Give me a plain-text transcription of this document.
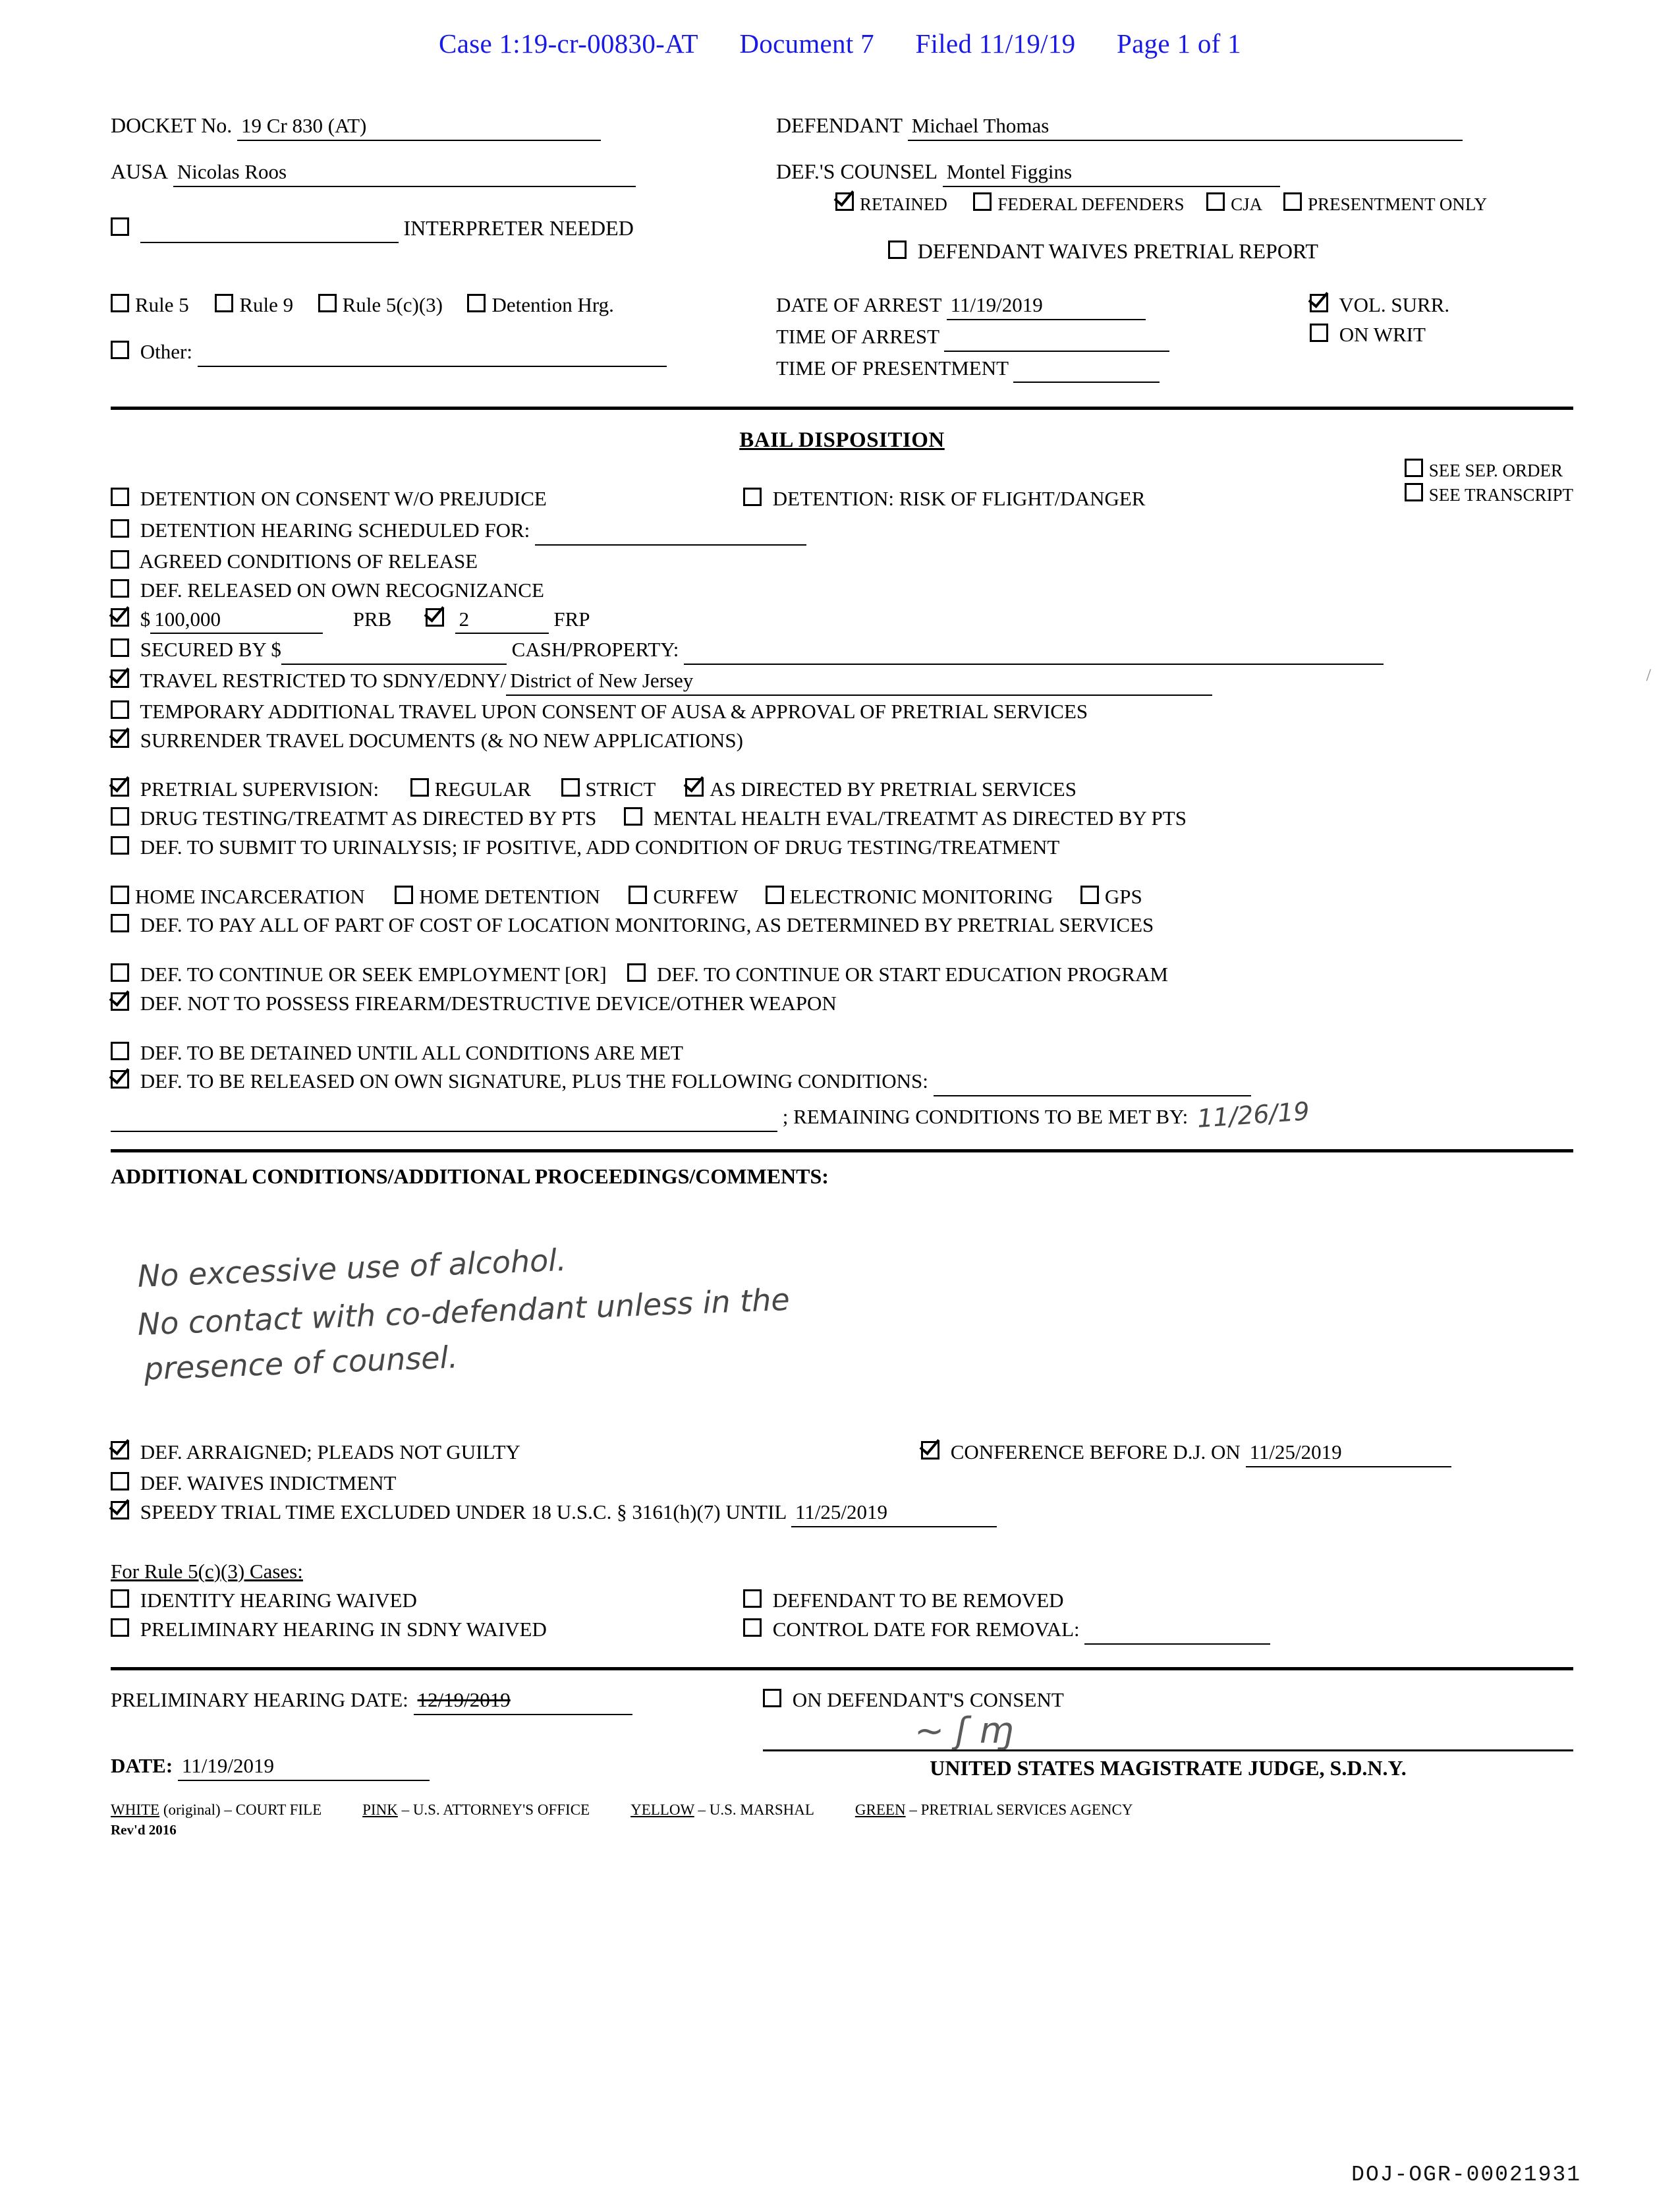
Case 1:19-cr-00830-AT Document 7 Filed 11/19/19 Page 1 of 1
/
DOCKET No. 19 Cr 830 (AT)	DEFENDANT Michael Thomas
AUSA Nicolas Roos
INTERPRETER NEEDED
DEF.'S COUNSEL Montel Figgins
RETAINED	FEDERAL DEFENDERS	CJA	PRESENTMENT ONLY
DEFENDANT WAIVES PRETRIAL REPORT
Rule 5 Rule 9 Rule 5(c)(3) Detention Hrg.
Other:
DATE OF ARREST 11/19/2019
TIME OF ARREST
TIME OF PRESENTMENT
VOL. SURR.
ON WRIT
BAIL DISPOSITION
SEE SEP. ORDER
SEE TRANSCRIPT
DETENTION ON CONSENT W/O PREJUDICE	DETENTION: RISK OF FLIGHT/DANGER
DETENTION HEARING SCHEDULED FOR:
AGREED CONDITIONS OF RELEASE
DEF. RELEASED ON OWN RECOGNIZANCE
$ 100,000	PRB	2	FRP
SECURED BY $	CASH/PROPERTY:
TRAVEL RESTRICTED TO SDNY/EDNY/ District of New Jersey
TEMPORARY ADDITIONAL TRAVEL UPON CONSENT OF AUSA & APPROVAL OF PRETRIAL SERVICES
SURRENDER TRAVEL DOCUMENTS (& NO NEW APPLICATIONS)
PRETRIAL SUPERVISION:	REGULAR	STRICT	AS DIRECTED BY PRETRIAL SERVICES
DRUG TESTING/TREATMT AS DIRECTED BY PTS	MENTAL HEALTH EVAL/TREATMT AS DIRECTED BY PTS
DEF. TO SUBMIT TO URINALYSIS; IF POSITIVE, ADD CONDITION OF DRUG TESTING/TREATMENT
HOME INCARCERATION	HOME DETENTION	CURFEW	ELECTRONIC MONITORING	GPS
DEF. TO PAY ALL OF PART OF COST OF LOCATION MONITORING, AS DETERMINED BY PRETRIAL SERVICES
DEF. TO CONTINUE OR SEEK EMPLOYMENT [OR] DEF. TO CONTINUE OR START EDUCATION PROGRAM
DEF. NOT TO POSSESS FIREARM/DESTRUCTIVE DEVICE/OTHER WEAPON
DEF. TO BE DETAINED UNTIL ALL CONDITIONS ARE MET
DEF. TO BE RELEASED ON OWN SIGNATURE, PLUS THE FOLLOWING CONDITIONS:
; REMAINING CONDITIONS TO BE MET BY: 11/26/19
ADDITIONAL CONDITIONS/ADDITIONAL PROCEEDINGS/COMMENTS:
No excessive use of alcohol.
No contact with co-defendant unless in the
presence of counsel.
DEF. ARRAIGNED; PLEADS NOT GUILTY	CONFERENCE BEFORE D.J. ON 11/25/2019
DEF. WAIVES INDICTMENT
SPEEDY TRIAL TIME EXCLUDED UNDER 18 U.S.C. § 3161(h)(7) UNTIL 11/25/2019
For Rule 5(c)(3) Cases:
IDENTITY HEARING WAIVED	DEFENDANT TO BE REMOVED
PRELIMINARY HEARING IN SDNY WAIVED	CONTROL DATE FOR REMOVAL:
PRELIMINARY HEARING DATE: 12/19/2019	ON DEFENDANT'S CONSENT
DATE: 11/19/2019
~ ʃ ɱ
UNITED STATES MAGISTRATE JUDGE, S.D.N.Y.
WHITE (original) – COURT FILE	PINK – U.S. ATTORNEY'S OFFICE	YELLOW – U.S. MARSHAL	GREEN – PRETRIAL SERVICES AGENCY
Rev'd 2016
DOJ-OGR-00021931
